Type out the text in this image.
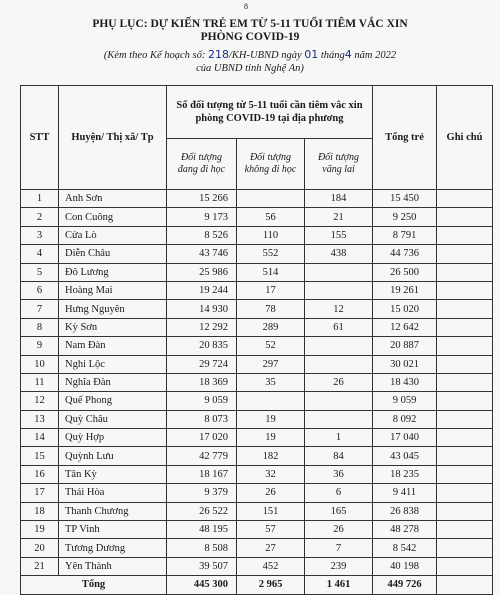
8
PHỤ LỤC: DỰ KIẾN TRẺ EM TỪ 5-11 TUỔI TIÊM VẮC XIN
PHÒNG COVID-19
(Kèm theo Kế hoạch số: 218/KH-UBND ngày 01 tháng4 năm 2022
của UBND tỉnh Nghệ An)
STT	Huyện/ Thị xã/ Tp	Số đối tượng từ 5-11 tuổi cần tiêm vắc xin phòng COVID-19 tại địa phương			Tổng trẻ	Ghi chú
		Đối tượng đang đi học	Đối tượng không đi học	Đối tượng vãng lai		
1	Anh Sơn	15 266		184	15 450	
2	Con Cuông	9 173	56	21	9 250	
3	Cửa Lò	8 526	110	155	8 791	
4	Diễn Châu	43 746	552	438	44 736	
5	Đô Lương	25 986	514		26 500	
6	Hoàng Mai	19 244	17		19 261	
7	Hưng Nguyên	14 930	78	12	15 020	
8	Kỳ Sơn	12 292	289	61	12 642	
9	Nam Đàn	20 835	52		20 887	
10	Nghi Lộc	29 724	297		30 021	
11	Nghĩa Đàn	18 369	35	26	18 430	
12	Quế Phong	9 059			9 059	
13	Quỳ Châu	8 073	19		8 092	
14	Quỳ Hợp	17 020	19	1	17 040	
15	Quỳnh Lưu	42 779	182	84	43 045	
16	Tân Kỳ	18 167	32	36	18 235	
17	Thái Hòa	9 379	26	6	9 411	
18	Thanh Chương	26 522	151	165	26 838	
19	TP Vinh	48 195	57	26	48 278	
20	Tương Dương	8 508	27	7	8 542	
21	Yên Thành	39 507	452	239	40 198	
Tổng		445 300	2 965	1 461	449 726	
